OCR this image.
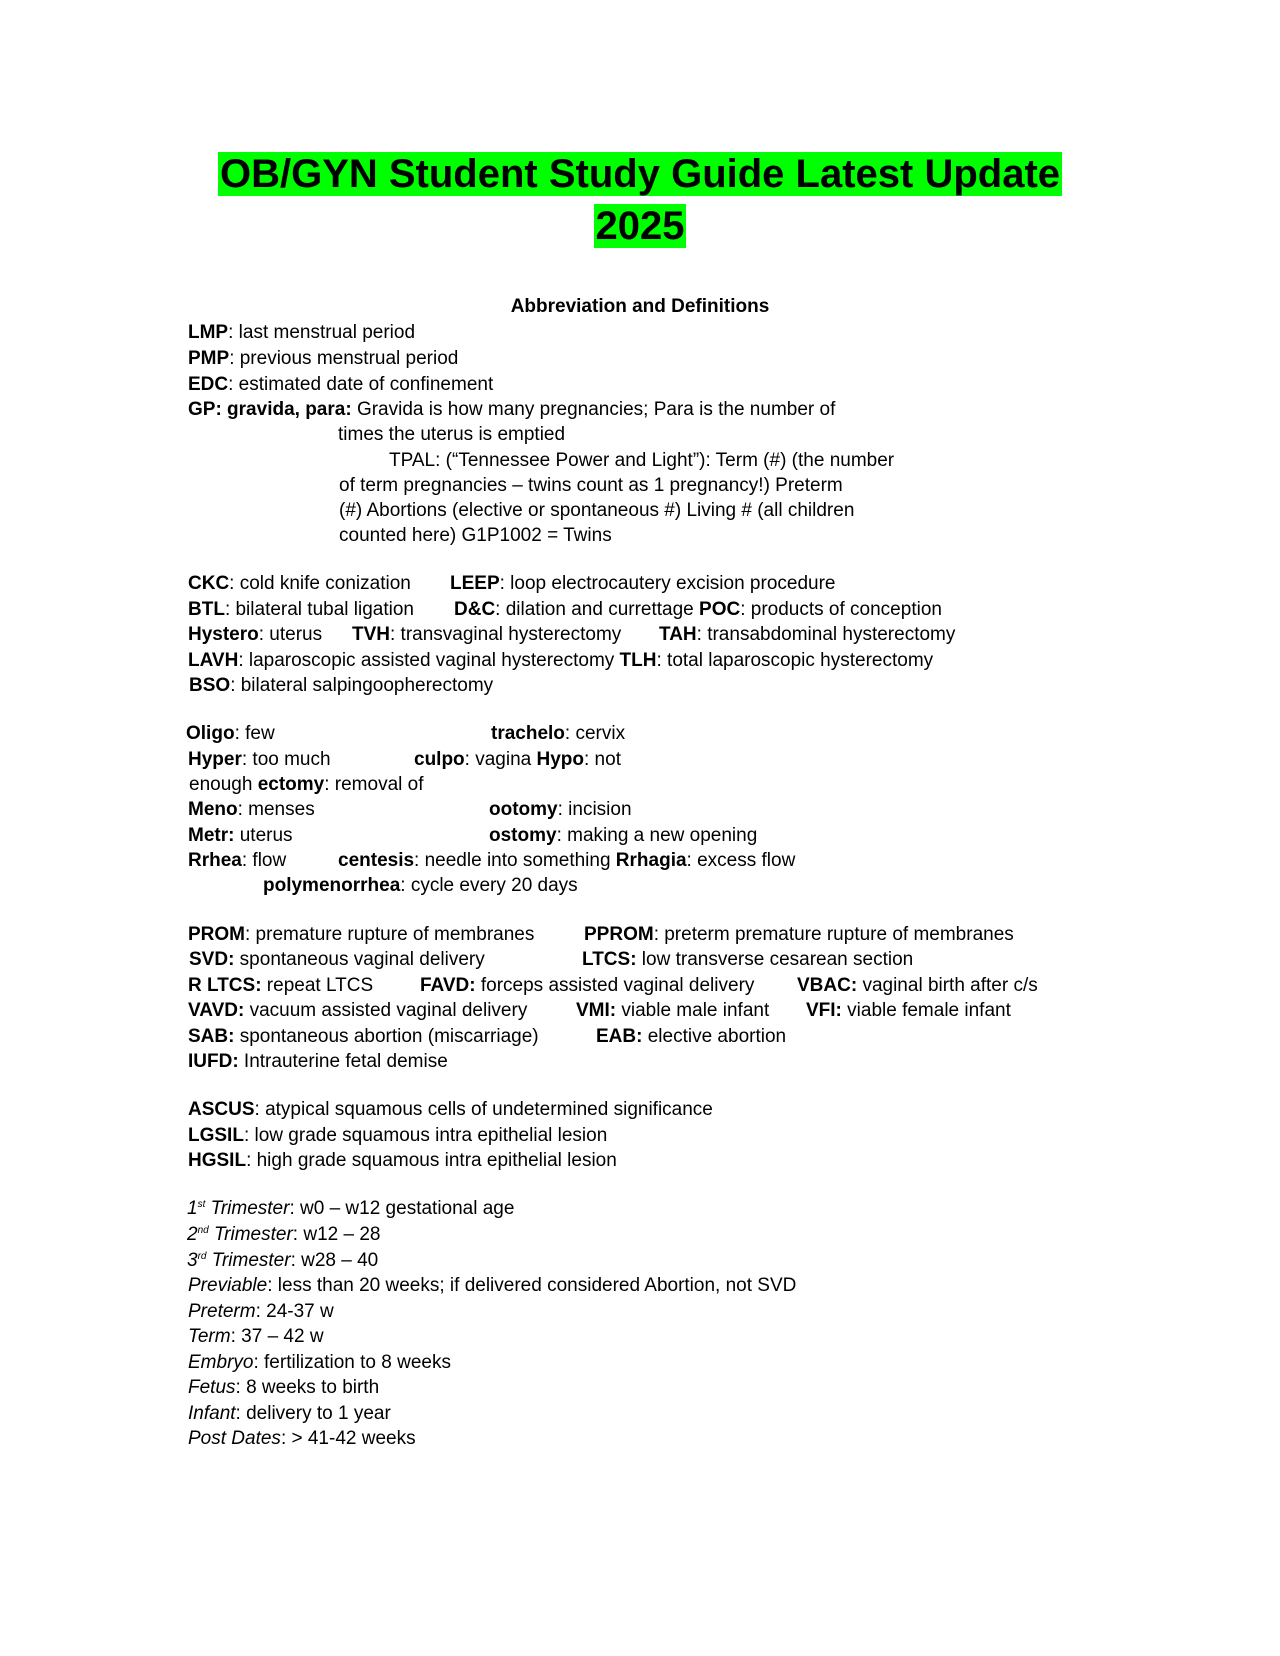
OB/GYN Student Study Guide Latest Update
2025
Abbreviation and Definitions
LMP: last menstrual period
PMP: previous menstrual period
EDC: estimated date of confinement
GP: gravida, para: Gravida is how many pregnancies; Para is the number of
times the uterus is emptied
TPAL: (“Tennessee Power and Light”): Term (#) (the number
of term pregnancies – twins count as 1 pregnancy!) Preterm
(#) Abortions (elective or spontaneous #) Living # (all children
counted here) G1P1002 = Twins
CKC: cold knife conization LEEP: loop electrocautery excision procedure
BTL: bilateral tubal ligation D&C: dilation and currettage POC: products of conception
Hystero: uterus TVH: transvaginal hysterectomy TAH: transabdominal hysterectomy
LAVH: laparoscopic assisted vaginal hysterectomy TLH: total laparoscopic hysterectomy
BSO: bilateral salpingoopherectomy
Oligo: few	trachelo: cervix
Hyper: too much	culpo: vagina Hypo: not
enough ectomy: removal of
Meno: menses	ootomy: incision
Metr: uterus	ostomy: making a new opening
Rrhea: flow	centesis: needle into something Rrhagia: excess flow
polymenorrhea: cycle every 20 days
PROM: premature rupture of membranes	PPROM: preterm premature rupture of membranes
SVD: spontaneous vaginal delivery	LTCS: low transverse cesarean section
R LTCS: repeat LTCS FAVD: forceps assisted vaginal delivery VBAC: vaginal birth after c/s
VAVD: vacuum assisted vaginal delivery	VMI: viable male infant VFI: viable female infant
SAB: spontaneous abortion (miscarriage)	EAB: elective abortion
IUFD: Intrauterine fetal demise
ASCUS: atypical squamous cells of undetermined significance
LGSIL: low grade squamous intra epithelial lesion
HGSIL: high grade squamous intra epithelial lesion
1st Trimester: w0 – w12 gestational age
2nd Trimester: w12 – 28
3rd Trimester: w28 – 40
Previable: less than 20 weeks; if delivered considered Abortion, not SVD
Preterm: 24-37 w
Term: 37 – 42 w
Embryo: fertilization to 8 weeks
Fetus: 8 weeks to birth
Infant: delivery to 1 year
Post Dates: > 41-42 weeks
